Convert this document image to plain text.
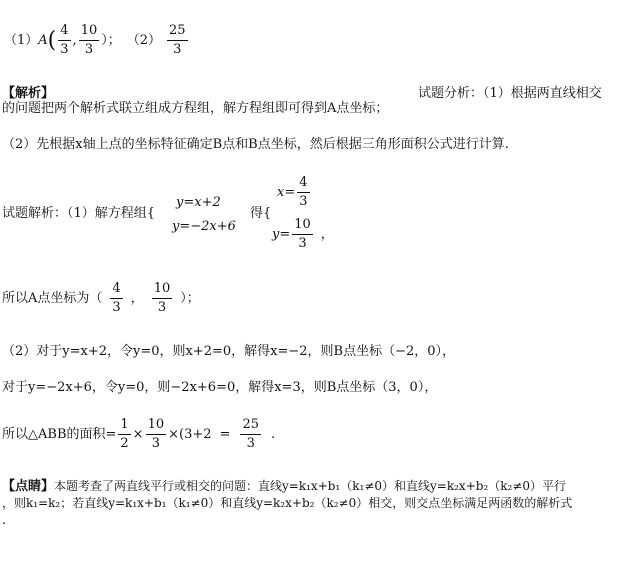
（1） A ( $\frac{4}{3}$ , $\frac{10}{3}$ ）； $(2) \frac{25}{3}$
【解析】	试题分析：（1）根据两直线相交
的问题把两个解析式联立组成方程组，解方程组即可得到A点坐标；
（2）先根据x轴上点的坐标特征确定B点和B点坐标，然后根据三角形面积公式进行计算.
试题解析：（1）解方程组{
y=x+2
y=−2x+6
得{
$x= \frac{4}{3}$
$y= \frac{10}{3}$ ，
所以A点坐标为（ $\frac{4}{3}$ ， $\frac{10}{3}$ ）；
（2）对于y=x+2，令y=0，则x+2=0，解得x=−2，则B点坐标（−2，0），
对于y=−2x+6，令y=0，则−2x+6=0，解得x=3，则B点坐标（3，0），
所以△ABB的面积= $\frac{1}{2} \times \frac{10}{3} \times(3+2 = \frac{25}{3}$ .
【点睛】本题考查了两直线平行或相交的问题：直线y=k₁x+b₁（k₁≠0）和直线y=k₂x+b₂（k₂≠0）平行
，则k₁=k₂；若直线y=k₁x+b₁（k₁≠0）和直线y=k₂x+b₂（k₂≠0）相交，则交点坐标满足两函数的解析式
.
